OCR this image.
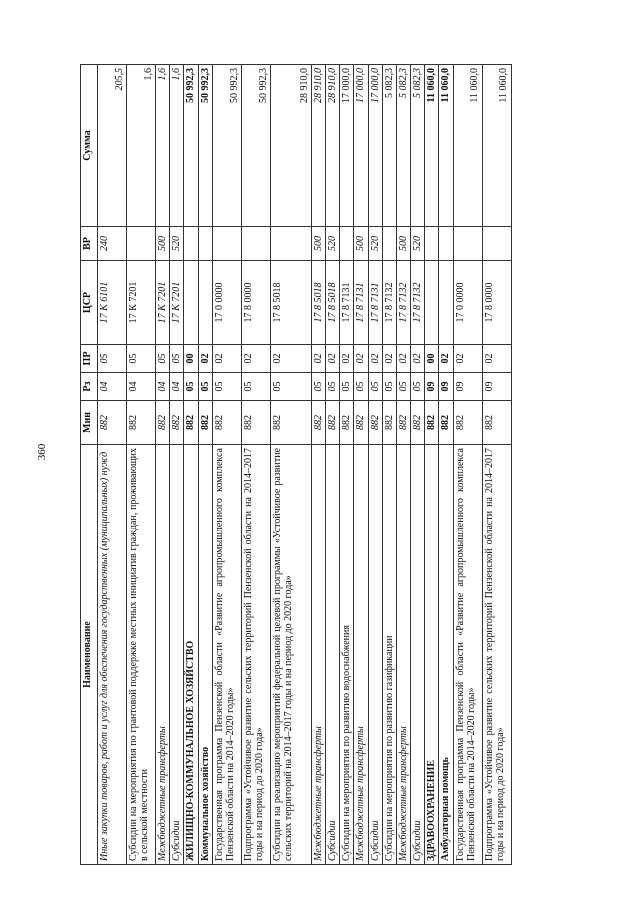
360
Наименование	Мин	Рз	ПР	ЦСР	ВР	Сумма
Иные закупки товаров, работ и услуг для обеспечения государственных (муниципальных) нужд	882	04	05	17 К 6101	240	205,5
Субсидии на мероприятия по грантовой поддержке местных инициатив граждан, проживающих в сельской местности	882	04	05	17 К 7201		1,6
Межбюджетные трансферты	882	04	05	17 К 7201	500	1,6
Субсидии	882	04	05	17 К 7201	520	1,6
ЖИЛИЩНО-КОММУНАЛЬНОЕ ХОЗЯЙСТВО	882	05	00			50 992,3
Коммунальное хозяйство	882	05	02			50 992,3
Государственная программа Пензенской области «Развитие агропромышленного комплекса Пензенской области на 2014–2020 годы»	882	05	02	17 0 0000		50 992,3
Подпрограмма «Устойчивое развитие сельских территорий Пензенской области на 2014–2017 годы и на период до 2020 года»	882	05	02	17 8 0000		50 992,3
Субсидии на реализацию мероприятий федеральной целевой программы «Устойчивое развитие сельских территорий на 2014–2017 годы и на период до 2020 года»	882	05	02	17 8 5018		28 910,0
Межбюджетные трансферты	882	05	02	17 8 5018	500	28 910,0
Субсидии	882	05	02	17 8 5018	520	28 910,0
Субсидии на мероприятия по развитию водоснабжения	882	05	02	17 8 7131		17 000,0
Межбюджетные трансферты	882	05	02	17 8 7131	500	17 000,0
Субсидии	882	05	02	17 8 7131	520	17 000,0
Субсидии на мероприятия по развитию газификации	882	05	02	17 8 7132		5 082,3
Межбюджетные трансферты	882	05	02	17 8 7132	500	5 082,3
Субсидии	882	05	02	17 8 7132	520	5 082,3
ЗДРАВООХРАНЕНИЕ	882	09	00			11 060,0
Амбулаторная помощь	882	09	02			11 060,0
Государственная программа Пензенской области «Развитие агропромышленного комплекса Пензенской области на 2014–2020 годы»	882	09	02	17 0 0000		11 060,0
Подпрограмма «Устойчивое развитие сельских территорий Пензенской области на 2014–2017 годы и на период до 2020 года»	882	09	02	17 8 0000		11 060,0
